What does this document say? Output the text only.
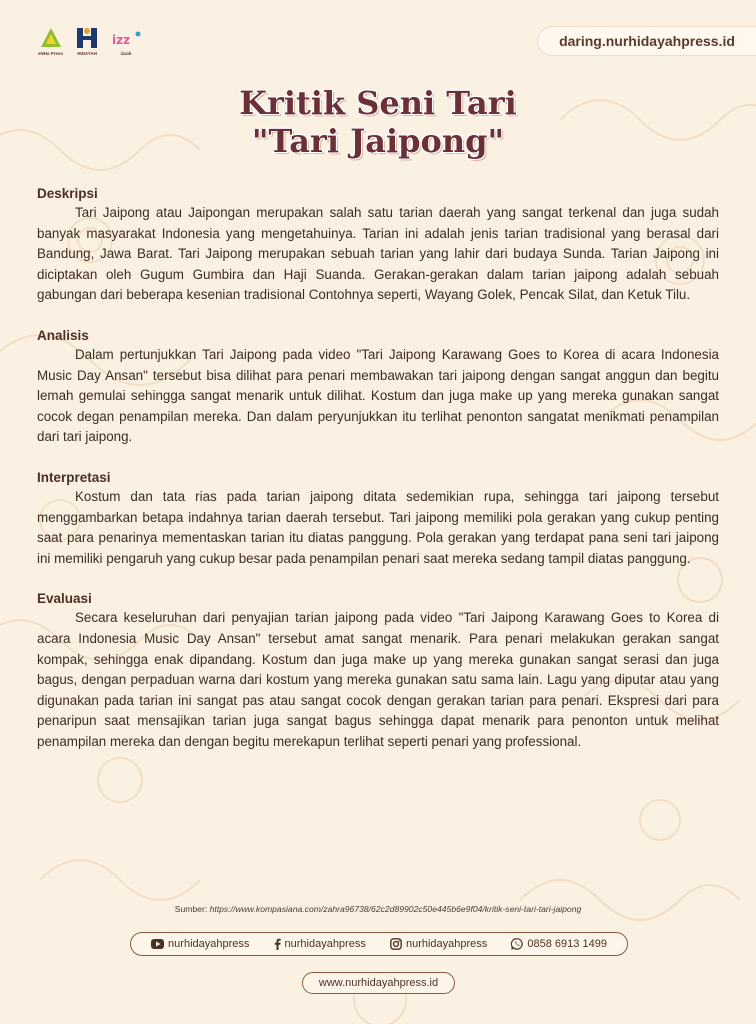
eNHa Press	HIDAYAH
izz
izzah
daring.nurhidayahpress.id
Kritik Seni Tari
"Tari Jaipong"
Deskripsi

Tari Jaipong atau Jaipongan merupakan salah satu tarian daerah yang sangat terkenal dan juga sudah banyak masyarakat Indonesia yang mengetahuinya. Tarian ini adalah jenis tarian tradisional yang berasal dari Bandung, Jawa Barat. Tari Jaipong merupakan sebuah tarian yang lahir dari budaya Sunda. Tarian Jaipong ini diciptakan oleh Gugum Gumbira dan Haji Suanda. Gerakan-gerakan dalam tarian jaipong adalah sebuah gabungan dari beberapa kesenian tradisional Contohnya seperti, Wayang Golek, Pencak Silat, dan Ketuk Tilu.

Analisis

Dalam pertunjukkan Tari Jaipong pada video "Tari Jaipong Karawang Goes to Korea di acara Indonesia Music Day Ansan" tersebut bisa dilihat para penari membawakan tari jaipong dengan sangat anggun dan begitu lemah gemulai sehingga sangat menarik untuk dilihat. Kostum dan juga make up yang mereka gunakan sangat cocok degan penampilan mereka. Dan dalam peryunjukkan itu terlihat penonton sangatat menikmati penampilan dari tari jaipong.

Interpretasi

Kostum dan tata rias pada tarian jaipong ditata sedemikian rupa, sehingga tari jaipong tersebut menggambarkan betapa indahnya tarian daerah tersebut. Tari jaipong memiliki pola gerakan yang cukup penting saat para penarinya mementaskan tarian itu diatas panggung. Pola gerakan yang terdapat pana seni tari jaipong ini memiliki pengaruh yang cukup besar pada penampilan penari saat mereka sedang tampil diatas panggung.

Evaluasi

Secara keseluruhan dari penyajian tarian jaipong pada video "Tari Jaipong Karawang Goes to Korea di acara Indonesia Music Day Ansan" tersebut amat sangat menarik. Para penari melakukan gerakan sangat kompak, sehingga enak dipandang. Kostum dan juga make up yang mereka gunakan sangat serasi dan juga bagus, dengan perpaduan warna dari kostum yang mereka gunakan satu sama lain. Lagu yang diputar atau yang digunakan pada tarian ini sangat pas atau sangat cocok dengan gerakan tarian para penari. Ekspresi dari para penaripun saat mensajikan tarian juga sangat bagus sehingga dapat menarik para penonton untuk melihat penampilan mereka dan dengan begitu merekapun terlihat seperti penari yang professional.

Sumber: https://www.kompasiana.com/zahra96738/62c2d89902c50e445b6e9f04/kritik-seni-tari-tari-jaipong
nurhidayahpress	nurhidayahpress	nurhidayahpress	0858 6913 1499
www.nurhidayahpress.id
